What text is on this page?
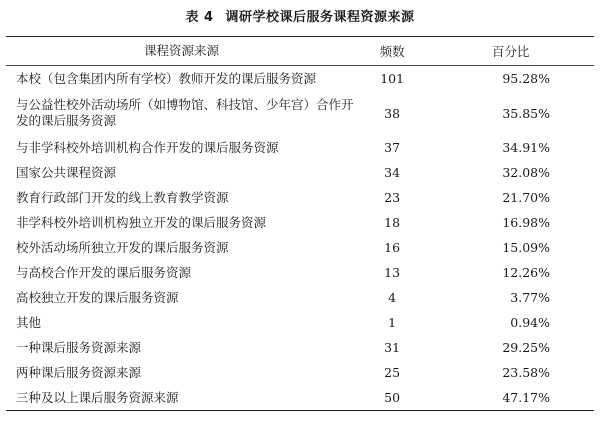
表 4 调研学校课后服务课程资源来源
课程资源来源	频数	百分比
本校（包含集团内所有学校）教师开发的课后服务资源	101	95.28%
与公益性校外活动场所（如博物馆、科技馆、少年宫）合作开发的课后服务资源	38	35.85%
与非学科校外培训机构合作开发的课后服务资源	37	34.91%
国家公共课程资源	34	32.08%
教育行政部门开发的线上教育教学资源	23	21.70%
非学科校外培训机构独立开发的课后服务资源	18	16.98%
校外活动场所独立开发的课后服务资源	16	15.09%
与高校合作开发的课后服务资源	13	12.26%
高校独立开发的课后服务资源	4	3.77%
其他	1	0.94%
一种课后服务资源来源	31	29.25%
两种课后服务资源来源	25	23.58%
三种及以上课后服务资源来源	50	47.17%
